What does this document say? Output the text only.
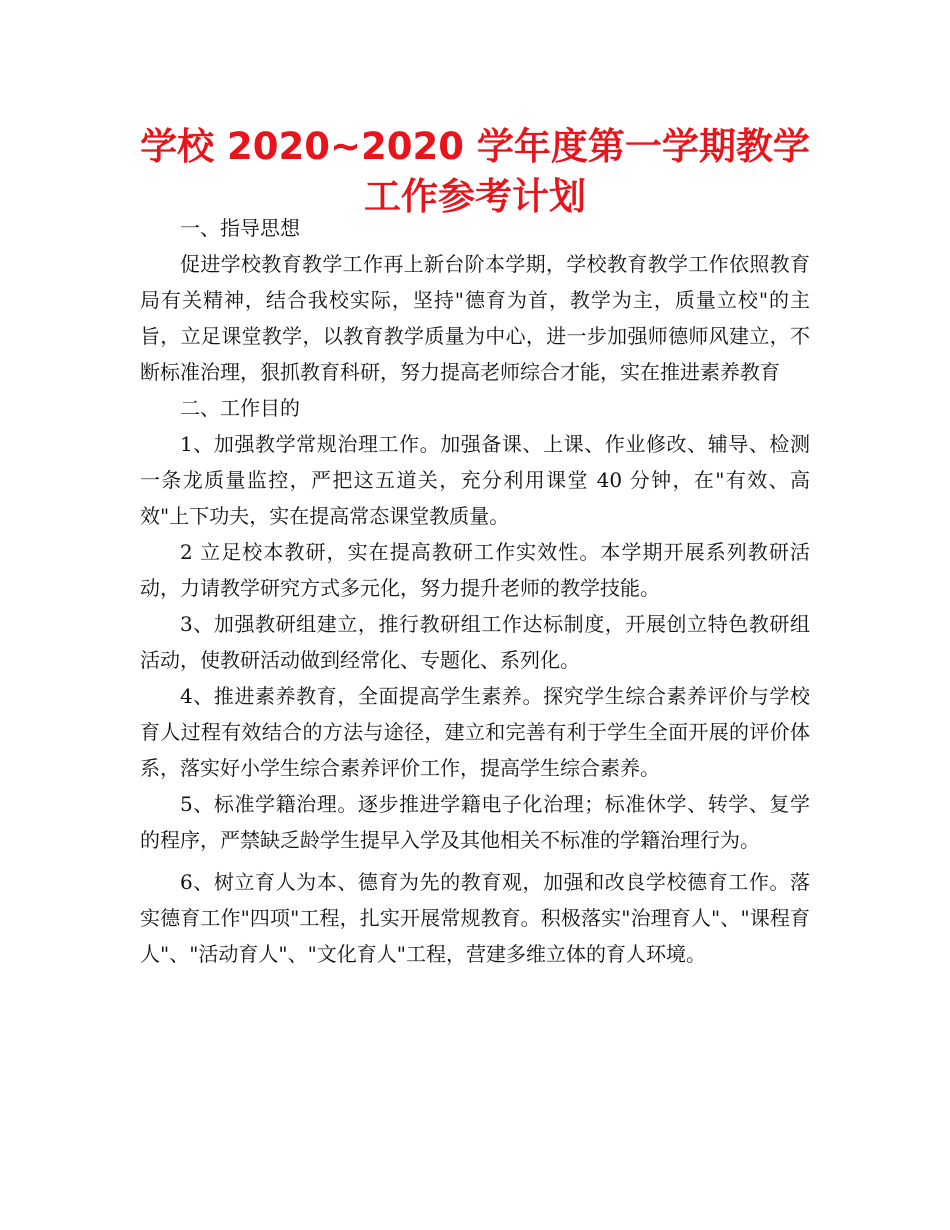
学校 2020~2020 学年度第一学期教学工作参考计划

一、指导思想

促进学校教育教学工作再上新台阶本学期，学校教育教学工作依照教育局有关精神，结合我校实际，坚持"德育为首，教学为主，质量立校"的主旨，立足课堂教学，以教育教学质量为中心，进一步加强师德师风建立，不断标准治理，狠抓教育科研，努力提高老师综合才能，实在推进素养教育

二、工作目的

1、加强教学常规治理工作。加强备课、上课、作业修改、辅导、检测一条龙质量监控，严把这五道关，充分利用课堂 40 分钟，在"有效、高效"上下功夫，实在提高常态课堂教质量。

2 立足校本教研，实在提高教研工作实效性。本学期开展系列教研活动，力请教学研究方式多元化，努力提升老师的教学技能。

3、加强教研组建立，推行教研组工作达标制度，开展创立特色教研组活动，使教研活动做到经常化、专题化、系列化。

4、推进素养教育，全面提高学生素养。探究学生综合素养评价与学校育人过程有效结合的方法与途径，建立和完善有利于学生全面开展的评价体系，落实好小学生综合素养评价工作，提高学生综合素养。

5、标准学籍治理。逐步推进学籍电子化治理；标准休学、转学、复学的程序，严禁缺乏龄学生提早入学及其他相关不标准的学籍治理行为。

6、树立育人为本、德育为先的教育观，加强和改良学校德育工作。落实德育工作"四项"工程，扎实开展常规教育。积极落实"治理育人"、"课程育人"、"活动育人"、"文化育人"工程，营建多维立体的育人环境。
